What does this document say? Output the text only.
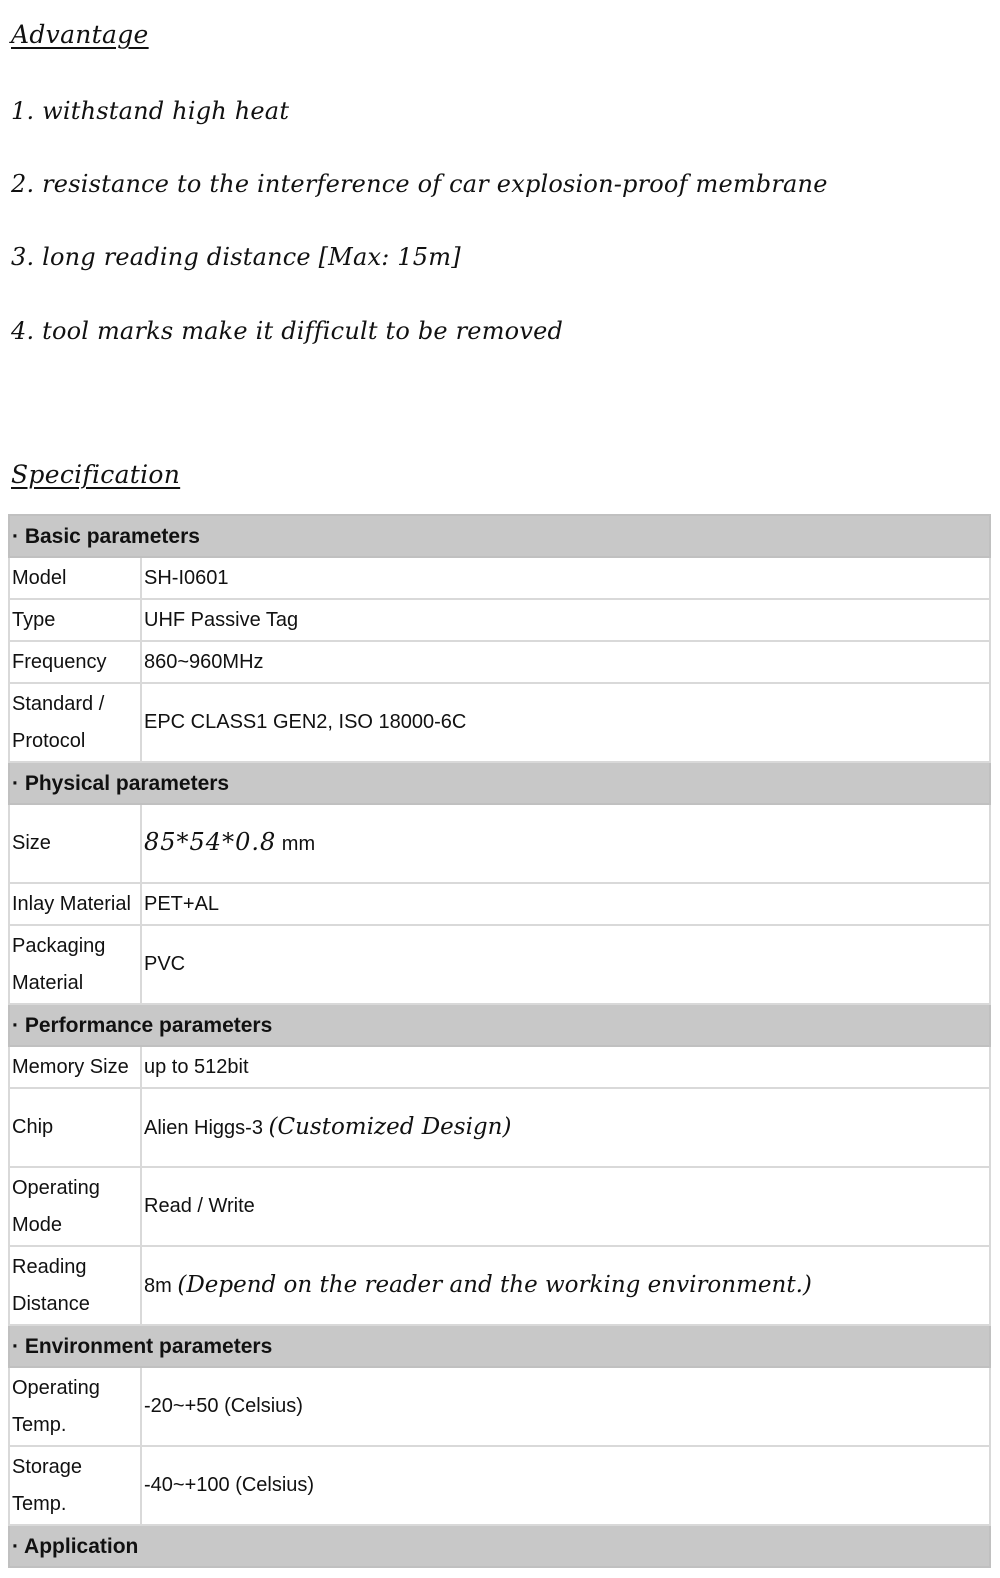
Advantage

1. withstand high heat

2. resistance to the interference of car explosion-proof membrane

3. long reading distance [Max: 15m]

4. tool marks make it difficult to be removed

Specification
· Basic parameters	
Model	SH-I0601
Type	UHF Passive Tag
Frequency	860~960MHz
Standard / Protocol	EPC CLASS1 GEN2, ISO 18000-6C
· Physical parameters	
Size	85*54*0.8 mm
Inlay Material	PET+AL
Packaging Material	PVC
· Performance parameters	
Memory Size	up to 512bit
Chip	Alien Higgs-3 (Customized Design)
Operating Mode	Read / Write
Reading Distance	8m (Depend on the reader and the working environment.)
· Environment parameters	
Operating Temp.	-20~+50 (Celsius)
Storage Temp.	-40~+100 (Celsius)
· Application	
